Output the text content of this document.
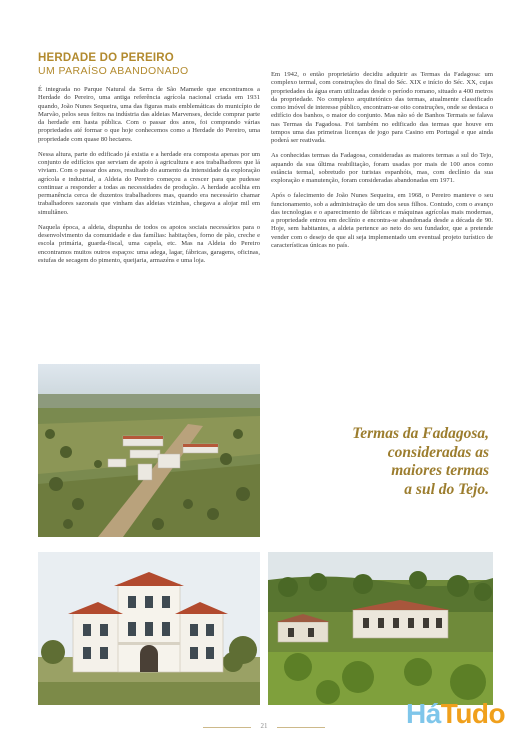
HERDADE DO PEREIRO
UM PARAÍSO ABANDONADO

É integrada no Parque Natural da Serra de São Mamede que encontramos a Herdade do Pereiro, uma antiga referência agrícola nacional criada em 1931 quando, João Nunes Sequeira, uma das figuras mais emblemáticas do município de Marvão, pelos seus feitos na indústria das aldeias Marvenses, decide comprar parte da herdade em hasta pública. Com o passar dos anos, foi comprando várias propriedades até formar o que hoje conhecemos como a Herdade do Pereiro, uma propriedade com quase 80 hectares.

Nessa altura, parte do edificado já existia e a herdade era composta apenas por um conjunto de edifícios que serviam de apoio à agricultura e aos trabalhadores que lá viviam. Com o passar dos anos, resultado do aumento da intensidade da exploração agrícola e industrial, a Aldeia do Pereiro começou a crescer para que pudesse continuar a responder a todas as necessidades de produção. A herdade acolhia em permanência cerca de duzentos trabalhadores mas, quando era necessário chamar trabalhadores sazonais que vinham das aldeias vizinhas, chegava a alojar mil em simultâneo.

Naquela época, a aldeia, dispunha de todos os apoios sociais necessários para o desenvolvimento da comunidade e das famílias: habitações, forno de pão, creche e escola primária, guarda-fiscal, uma capela, etc. Mas na Aldeia do Pereiro encontramos muitos outros espaços: uma adega, lagar, fábricas, garagens, oficinas, estufas de secagem do pimento, queijaria, armazéns e uma loja.

Em 1942, o então proprietário decidiu adquirir as Termas da Fadagosa: um complexo termal, com construções do final do Séc. XIX e início do Séc. XX, cujas propriedades da água eram utilizadas desde o período romano, situado a 400 metros da propriedade. No complexo arquitetónico das termas, atualmente classificado como imóvel de interesse público, encontram-se oito construções, onde se destaca o edifício dos banhos, o maior do conjunto. Mas não só de Banhos Termais se falava nas Termas da Fagadosa. Foi também no edificado das termas que houve em tempos uma das primeiras licenças de jogo para Casino em Portugal e que ainda poderá ser reativada.

As conhecidas termas da Fadagosa, consideradas as maiores termas a sul do Tejo, aquando da sua última reabilitação, foram usadas por mais de 100 anos como estância termal, sobretudo por turistas espanhóis, mas, com declínio da sua exploração e manutenção, foram consideradas abandonadas em 1971.

Após o falecimento de João Nunes Sequeira, em 1968, o Pereiro manteve o seu funcionamento, sob a administração de um dos seus filhos. Contudo, com o avanço das tecnologias e o aparecimento de fábricas e máquinas agrícolas mais modernas, a propriedade entrou em declínio e encontra-se abandonada desde a década de 90. Hoje, sem habitantes, a aldeia pertence ao neto do seu fundador, que a pretende vender com o desejo de que ali seja implementado um eventual projeto turístico de características únicas no país.

Termas da Fadagosa,
consideradas as
maiores termas
a sul do Tejo.
21	HáTudo
